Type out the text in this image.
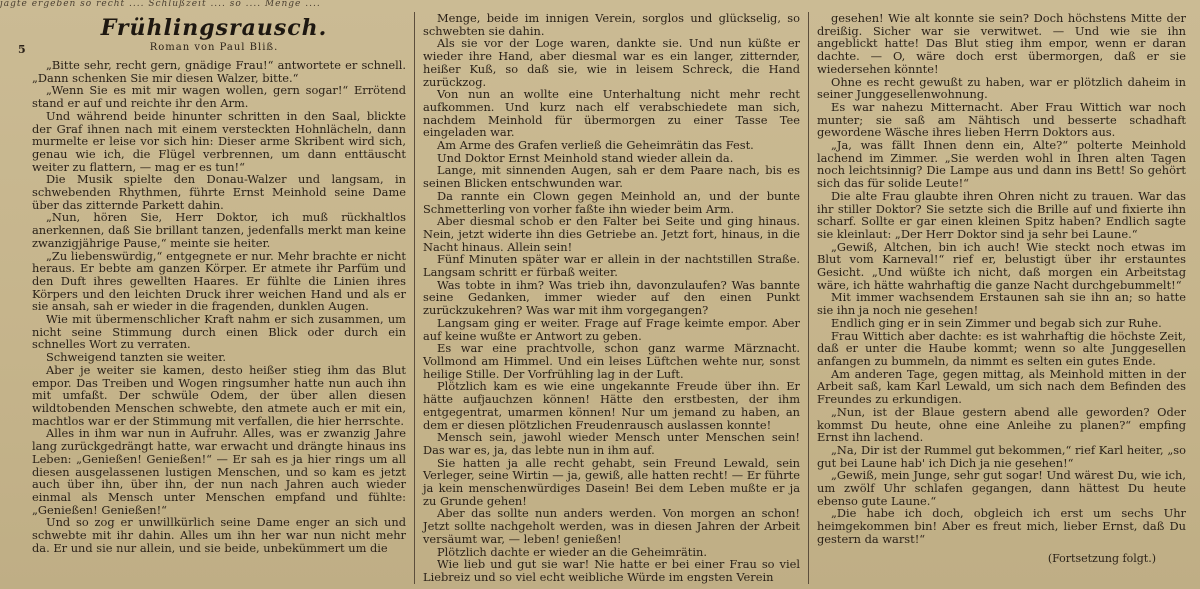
jagte ergeben so recht .... Schlußzeit .... so .... Menge ....
Frühlingsrausch.
Roman von Paul Bliß.
5

„Bitte sehr, recht gern, gnädige Frau!“ antwortete er schnell. „Dann schenken Sie mir diesen Walzer, bitte.“

„Wenn Sie es mit mir wagen wollen, gern sogar!“ Errötend stand er auf und reichte ihr den Arm.

Und während beide hinunter schritten in den Saal, blickte der Graf ihnen nach mit einem versteckten Hohnlächeln, dann murmelte er leise vor sich hin: Dieser arme Skribent wird sich, genau wie ich, die Flügel verbrennen, um dann enttäuscht weiter zu flattern, — mag er es tun!“

Die Musik spielte den Donau-Walzer und langsam, in schwebenden Rhythmen, führte Ernst Meinhold seine Dame über das zitternde Parkett dahin.

„Nun, hören Sie, Herr Doktor, ich muß rückhaltlos anerkennen, daß Sie brillant tanzen, jedenfalls merkt man keine zwanzigjährige Pause,“ meinte sie heiter.

„Zu liebenswürdig,“ entgegnete er nur. Mehr brachte er nicht heraus. Er bebte am ganzen Körper. Er atmete ihr Parfüm und den Duft ihres gewellten Haares. Er fühlte die Linien ihres Körpers und den leichten Druck ihrer weichen Hand und als er sie ansah, sah er wieder in die fragenden, dunklen Augen.

Wie mit übermenschlicher Kraft nahm er sich zusammen, um nicht seine Stimmung durch einen Blick oder durch ein schnelles Wort zu verraten.

Schweigend tanzten sie weiter.

Aber je weiter sie kamen, desto heißer stieg ihm das Blut empor. Das Treiben und Wogen ringsumher hatte nun auch ihn mit umfaßt. Der schwüle Odem, der über allen diesen wildtobenden Menschen schwebte, den atmete auch er mit ein, machtlos war er der Stimmung mit verfallen, die hier herrschte.

Alles in ihm war nun in Aufruhr. Alles, was er zwanzig Jahre lang zurückgedrängt hatte, war erwacht und drängte hinaus ins Leben: „Genießen! Genießen!“ — Er sah es ja hier rings um all diesen ausgelassenen lustigen Menschen, und so kam es jetzt auch über ihn, über ihn, der nun nach Jahren auch wieder einmal als Mensch unter Menschen empfand und fühlte: „Genießen! Genießen!“

Und so zog er unwillkürlich seine Dame enger an sich und schwebte mit ihr dahin. Alles um ihn her war nun nicht mehr da. Er und sie nur allein, und sie beide, unbekümmert um die

Menge, beide im innigen Verein, sorglos und glückselig, so schwebten sie dahin.

Als sie vor der Loge waren, dankte sie. Und nun küßte er wieder ihre Hand, aber diesmal war es ein langer, zitternder, heißer Kuß, so daß sie, wie in leisem Schreck, die Hand zurückzog.

Von nun an wollte eine Unterhaltung nicht mehr recht aufkommen. Und kurz nach elf verabschiedete man sich, nachdem Meinhold für übermorgen zu einer Tasse Tee eingeladen war.

Am Arme des Grafen verließ die Geheimrätin das Fest.

Und Doktor Ernst Meinhold stand wieder allein da.

Lange, mit sinnenden Augen, sah er dem Paare nach, bis es seinen Blicken entschwunden war.

Da rannte ein Clown gegen Meinhold an, und der bunte Schmetterling von vorher faßte ihn wieder beim Arm.

Aber diesmal schob er den Falter bei Seite und ging hinaus. Nein, jetzt widerte ihn dies Getriebe an. Jetzt fort, hinaus, in die Nacht hinaus. Allein sein!

Fünf Minuten später war er allein in der nachtstillen Straße. Langsam schritt er fürbaß weiter.

Was tobte in ihm? Was trieb ihn, davonzulaufen? Was bannte seine Gedanken, immer wieder auf den einen Punkt zurückzukehren? Was war mit ihm vorgegangen?

Langsam ging er weiter. Frage auf Frage keimte empor. Aber auf keine wußte er Antwort zu geben.

Es war eine prachtvolle, schon ganz warme Märznacht. Vollmond am Himmel. Und ein leises Lüftchen wehte nur, sonst heilige Stille. Der Vorfrühling lag in der Luft.

Plötzlich kam es wie eine ungekannte Freude über ihn. Er hätte aufjauchzen können! Hätte den erstbesten, der ihm entgegentrat, umarmen können! Nur um jemand zu haben, an dem er diesen plötzlichen Freudenrausch auslassen konnte!

Mensch sein, jawohl wieder Mensch unter Menschen sein! Das war es, ja, das lebte nun in ihm auf.

Sie hatten ja alle recht gehabt, sein Freund Lewald, sein Verleger, seine Wirtin — ja, gewiß, alle hatten recht! — Er führte ja kein menschenwürdiges Dasein! Bei dem Leben mußte er ja zu Grunde gehen!

Aber das sollte nun anders werden. Von morgen an schon! Jetzt sollte nachgeholt werden, was in diesen Jahren der Arbeit versäumt war, — leben! genießen!

Plötzlich dachte er wieder an die Geheimrätin.

Wie lieb und gut sie war! Nie hatte er bei einer Frau so viel Liebreiz und so viel echt weibliche Würde im engsten Verein

gesehen! Wie alt konnte sie sein? Doch höchstens Mitte der dreißig. Sicher war sie verwitwet. — Und wie sie ihn angeblickt hatte! Das Blut stieg ihm empor, wenn er daran dachte. — O, wäre doch erst übermorgen, daß er sie wiedersehen könnte!

Ohne es recht gewußt zu haben, war er plötzlich daheim in seiner Junggesellenwohnung.

Es war nahezu Mitternacht. Aber Frau Wittich war noch munter; sie saß am Nähtisch und besserte schadhaft gewordene Wäsche ihres lieben Herrn Doktors aus.

„Ja, was fällt Ihnen denn ein, Alte?“ polterte Meinhold lachend im Zimmer. „Sie werden wohl in Ihren alten Tagen noch leichtsinnig? Die Lampe aus und dann ins Bett! So gehört sich das für solide Leute!“

Die alte Frau glaubte ihren Ohren nicht zu trauen. War das ihr stiller Doktor? Sie setzte sich die Brille auf und fixierte ihn scharf. Sollte er gar einen kleinen Spitz haben? Endlich sagte sie kleinlaut: „Der Herr Doktor sind ja sehr bei Laune.“

„Gewiß, Altchen, bin ich auch! Wie steckt noch etwas im Blut vom Karneval!“ rief er, belustigt über ihr erstauntes Gesicht. „Und wüßte ich nicht, daß morgen ein Arbeitstag wäre, ich hätte wahrhaftig die ganze Nacht durchgebummelt!“

Mit immer wachsendem Erstaunen sah sie ihn an; so hatte sie ihn ja noch nie gesehen!

Endlich ging er in sein Zimmer und begab sich zur Ruhe.

Frau Wittich aber dachte: es ist wahrhaftig die höchste Zeit, daß er unter die Haube kommt; wenn so alte Junggesellen anfangen zu bummeln, da nimmt es selten ein gutes Ende.

Am anderen Tage, gegen mittag, als Meinhold mitten in der Arbeit saß, kam Karl Lewald, um sich nach dem Befinden des Freundes zu erkundigen.

„Nun, ist der Blaue gestern abend alle geworden? Oder kommst Du heute, ohne eine Anleihe zu planen?“ empfing Ernst ihn lachend.

„Na, Dir ist der Rummel gut bekommen,“ rief Karl heiter, „so gut bei Laune hab' ich Dich ja nie gesehen!“

„Gewiß, mein Junge, sehr gut sogar! Und wärest Du, wie ich, um zwölf Uhr schlafen gegangen, dann hättest Du heute ebenso gute Laune.“

„Die habe ich doch, obgleich ich erst um sechs Uhr heimgekommen bin! Aber es freut mich, lieber Ernst, daß Du gestern da warst!“

(Fortsetzung folgt.)
